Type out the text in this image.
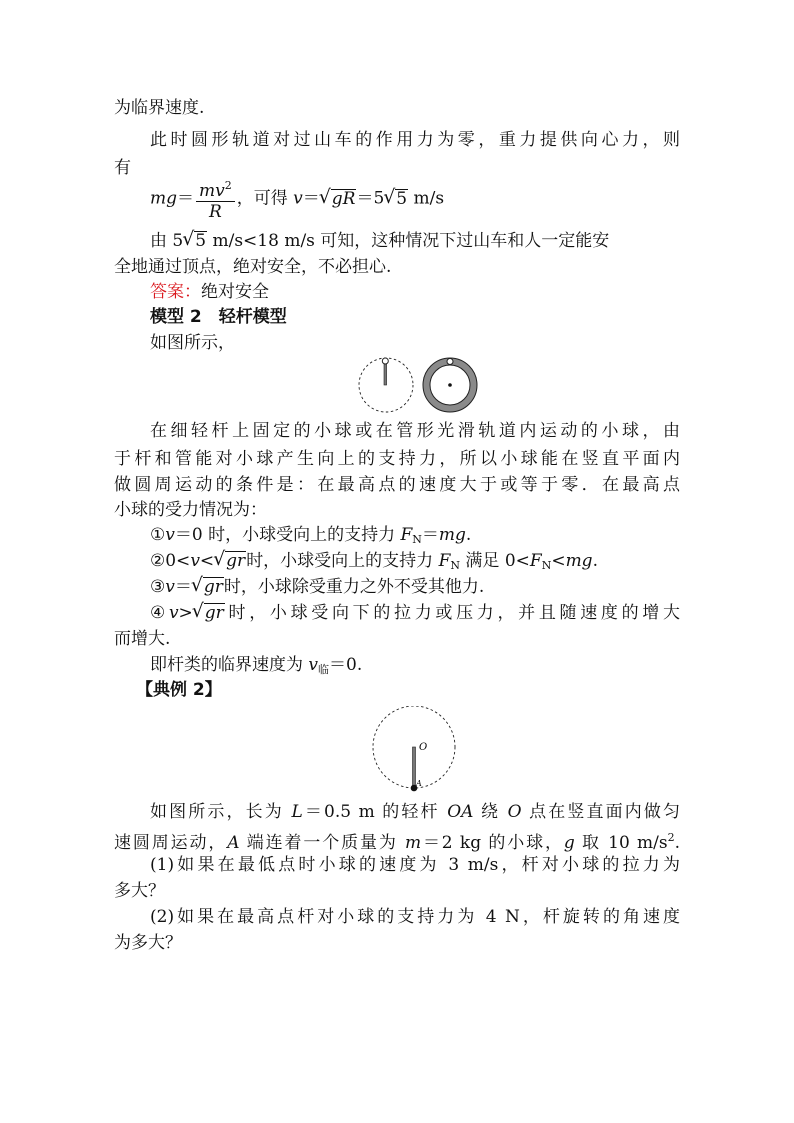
为临界速度.
此时圆形轨道对过山车的作用力为零，重力提供向心力，则
有
$mg= \frac{mv^2}{R}$ ，可得 v＝ √ gR＝5 √ 5 m/s
由 5 √ 5 m/s<18 m/s 可知，这种情况下过山车和人一定能安
全地通过顶点，绝对安全，不必担心.
答案：绝对安全
模型 2　轻杆模型
如图所示，
在细轻杆上固定的小球或在管形光滑轨道内运动的小球，由
于杆和管能对小球产生向上的支持力，所以小球能在竖直平面内
做圆周运动的条件是：在最高点的速度大于或等于零．在最高点
小球的受力情况为：
①v＝0 时，小球受向上的支持力 $F_N=mg$.
②0<v< √ gr时，小球受向上的支持力 $F_N$ 满足 $0<F_N<mg$.
③v＝ √ gr时，小球除受重力之外不受其他力.
④v> √ gr时，小球受向下的拉力或压力，并且随速度的增大
而增大.
即杆类的临界速度为 $v_临=0$.
【典例 2】
O
A
如图所示，长为 L＝0.5 m 的轻杆 OA 绕 O 点在竖直面内做匀
速圆周运动，A 端连着一个质量为 m＝2 kg 的小球，g 取 10 $m/s^2$.
(1)如果在最低点时小球的速度为 3 m/s，杆对小球的拉力为
多大？
(2)如果在最高点杆对小球的支持力为 4 N，杆旋转的角速度
为多大？
